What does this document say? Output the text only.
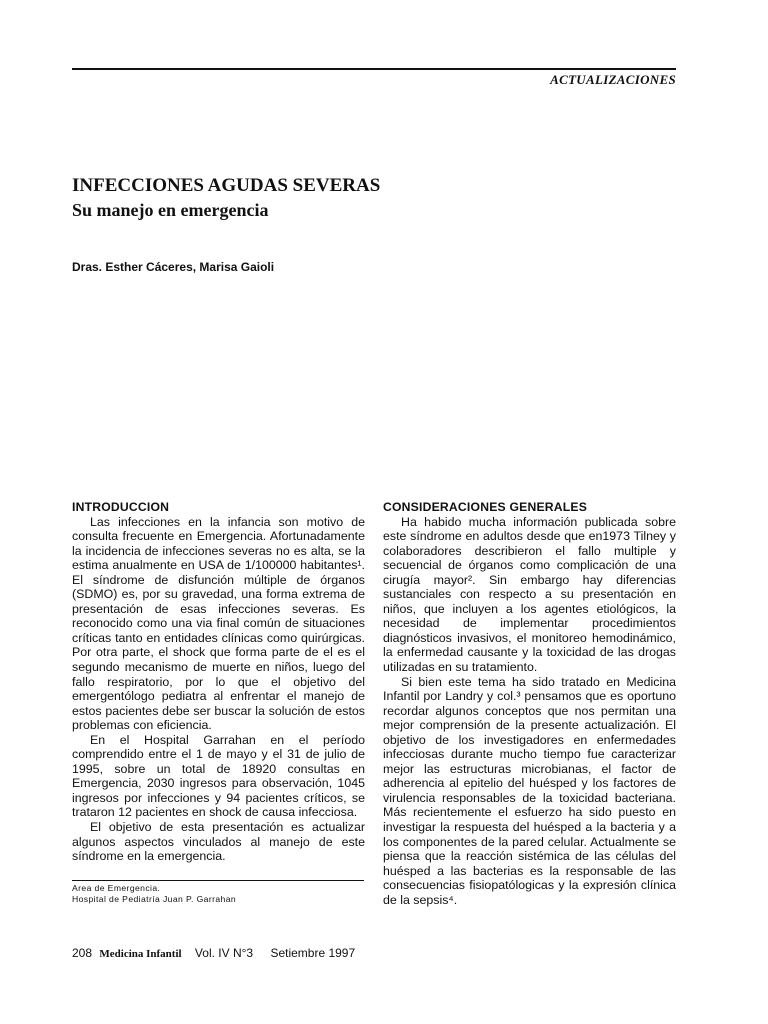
ACTUALIZACIONES
INFECCIONES AGUDAS SEVERAS
Su manejo en emergencia
Dras. Esther Cáceres, Marisa Gaioli
INTRODUCCION

Las infecciones en la infancia son motivo de consulta frecuente en Emergencia. Afortunadamente la incidencia de infecciones severas no es alta, se la estima anualmente en USA de 1/100000 habitantes¹. El síndrome de disfunción múltiple de órganos (SDMO) es, por su gravedad, una forma extrema de presentación de esas infecciones severas. Es reconocido como una via final común de situaciones críticas tanto en entidades clínicas como quirúrgicas. Por otra parte, el shock que forma parte de el es el segundo mecanismo de muerte en niños, luego del fallo respiratorio, por lo que el objetivo del emergentólogo pediatra al enfrentar el manejo de estos pacientes debe ser buscar la solución de estos problemas con eficiencia.

En el Hospital Garrahan en el período comprendido entre el 1 de mayo y el 31 de julio de 1995, sobre un total de 18920 consultas en Emergencia, 2030 ingresos para observación, 1045 ingresos por infecciones y 94 pacientes críticos, se trataron 12 pacientes en shock de causa infecciosa.

El objetivo de esta presentación es actualizar algunos aspectos vinculados al manejo de este síndrome en la emergencia.

CONSIDERACIONES GENERALES

Ha habido mucha información publicada sobre este síndrome en adultos desde que en1973 Tilney y colaboradores describieron el fallo multiple y secuencial de órganos como complicación de una cirugía mayor². Sin embargo hay diferencias sustanciales con respecto a su presentación en niños, que incluyen a los agentes etiológicos, la necesidad de implementar procedimientos diagnósticos invasivos, el monitoreo hemodinámico, la enfermedad causante y la toxicidad de las drogas utilizadas en su tratamiento.

Si bien este tema ha sido tratado en Medicina Infantil por Landry y col.³ pensamos que es oportuno recordar algunos conceptos que nos permitan una mejor comprensión de la presente actualización. El objetivo de los investigadores en enfermedades infecciosas durante mucho tiempo fue caracterizar mejor las estructuras microbianas, el factor de adherencia al epitelio del huésped y los factores de virulencia responsables de la toxicidad bacteriana. Más recientemente el esfuerzo ha sido puesto en investigar la respuesta del huésped a la bacteria y a los componentes de la pared celular. Actualmente se piensa que la reacción sistémica de las células del huésped a las bacterias es la responsable de las consecuencias fisiopatólogicas y la expresión clínica de la sepsis⁴.

Area de Emergencia.
Hospital de Pediatría Juan P. Garrahan
208 Medicina Infantil Vol. IV N°3 Setiembre 1997
